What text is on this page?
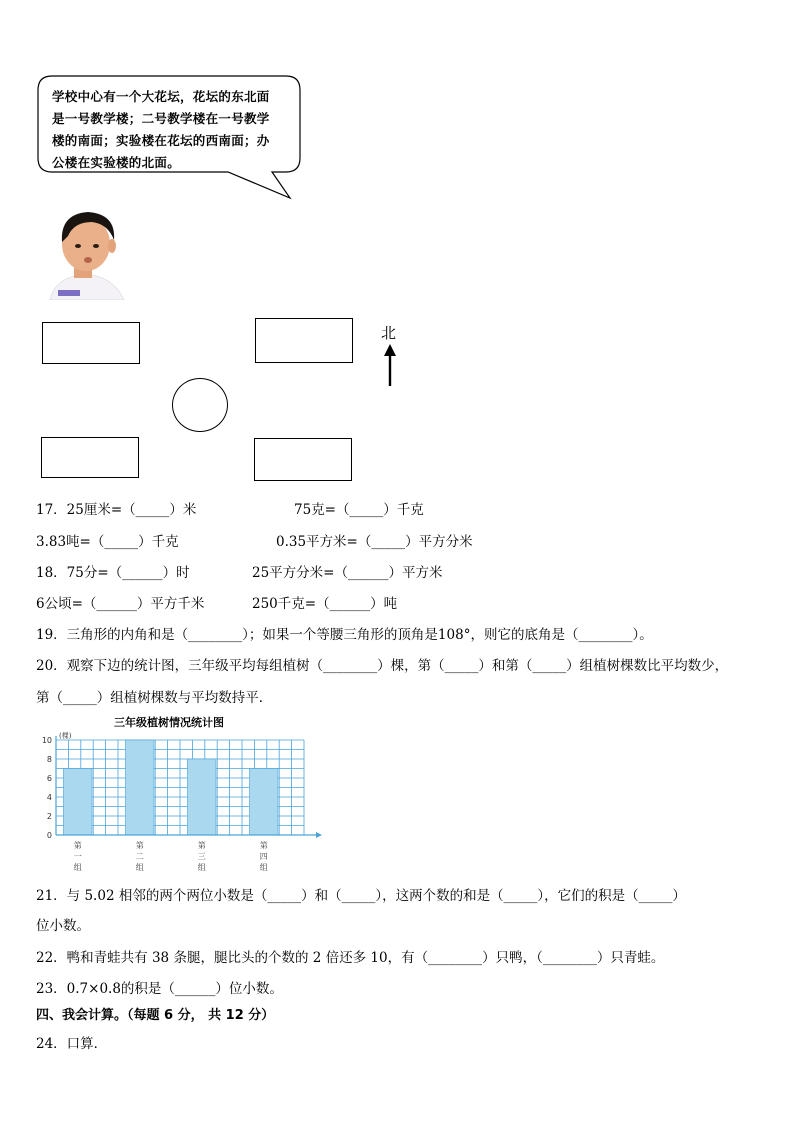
学校中心有一个大花坛，花坛的东北面
是一号教学楼；二号教学楼在一号教学
楼的南面；实验楼在花坛的西南面；办
公楼在实验楼的北面。
北
17．25厘米=（_____）米	75克=（_____）千克
3.83吨=（_____）千克	0.35平方米=（_____）平方分米
18．75分=（______）时	25平方分米=（______）平方米
6公顷=（______）平方千米	250千克=（______）吨
19．三角形的内角和是（________）；如果一个等腰三角形的顶角是108°，则它的底角是（________）。
20．观察下边的统计图，三年级平均每组植树（________）棵，第（_____）和第（_____）组植树棵数比平均数少，
第（_____）组植树棵数与平均数持平．
三年级植树情况统计图
第
一
组
第
二
组
第
三
组
第
四
组
0
2
4
6
8
10 (棵)
21．与 5.02 相邻的两个两位小数是（_____）和（_____），这两个数的和是（_____），它们的积是（_____）
位小数。
22．鸭和青蛙共有 38 条腿，腿比头的个数的 2 倍还多 10，有（________）只鸭，（________）只青蛙。
23．0.7×0.8的积是（______）位小数。
四、我会计算。（每题 6 分， 共 12 分）
24．口算．
